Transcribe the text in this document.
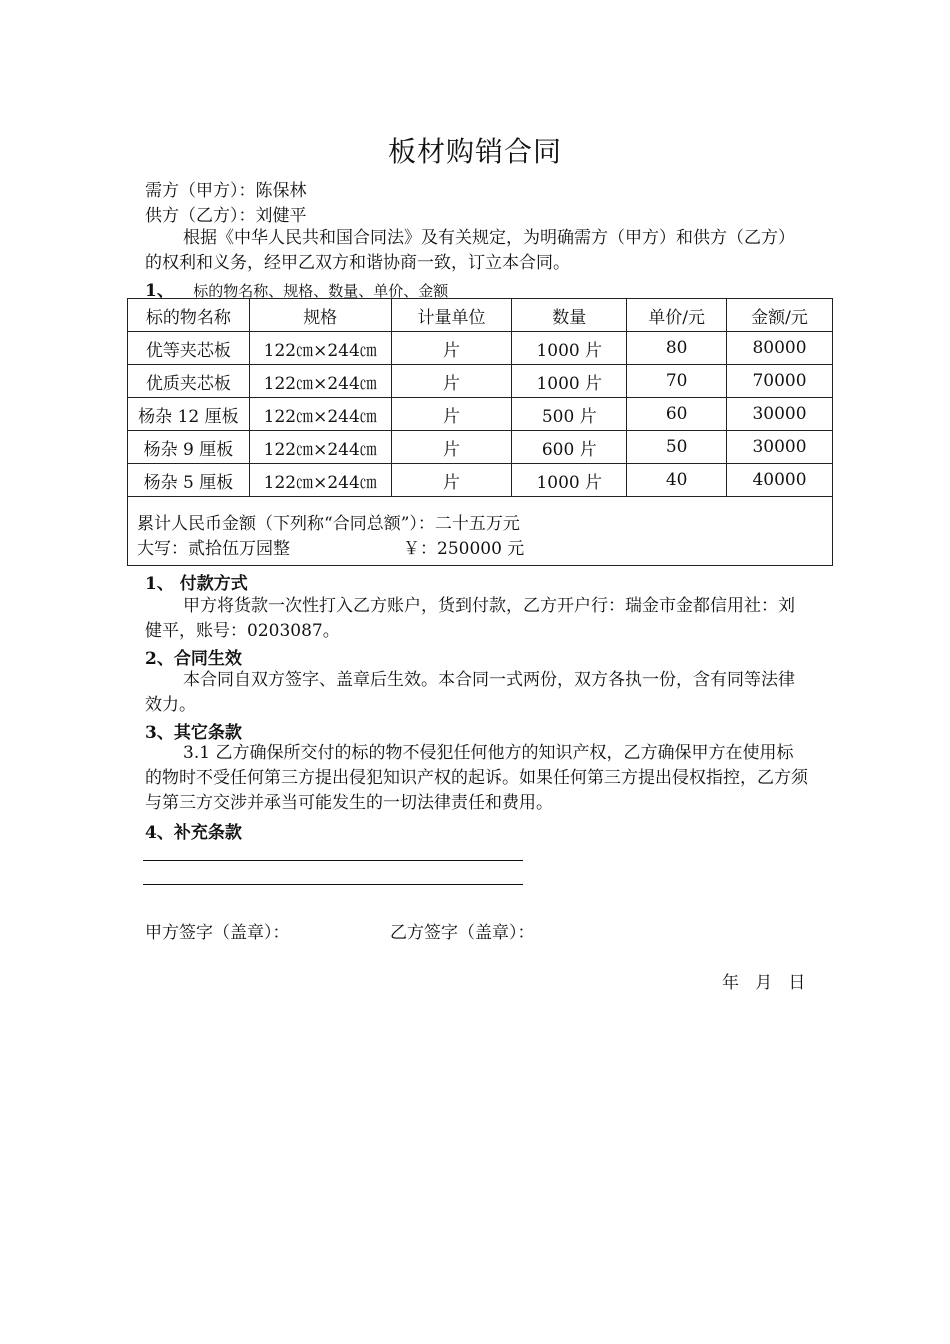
板材购销合同
需方（甲方）：陈保林
供方（乙方）：刘健平
根据《中华人民共和国合同法》及有关规定，为明确需方（甲方）和供方（乙方）的权利和义务，经甲乙双方和谐协商一致，订立本合同。
1、 标的物名称、规格、数量、单价、金额
标的物名称	规格	计量单位	数量	单价/元	金额/元
优等夹芯板	122㎝×244㎝	片	1000 片	80	80000
优质夹芯板	122㎝×244㎝	片	1000 片	70	70000
杨杂 12 厘板	122㎝×244㎝	片	500 片	60	30000
杨杂 9 厘板	122㎝×244㎝	片	600 片	50	30000
杨杂 5 厘板	122㎝×244㎝	片	1000 片	40	40000
累计人民币金额（下列称“合同总额”）：二十五万元
大写：贰拾伍万园整	￥：250000 元
1、 付款方式
甲方将货款一次性打入乙方账户，货到付款，乙方开户行：瑞金市金都信用社：刘健平，账号：0203087。
2、合同生效
本合同自双方签字、盖章后生效。本合同一式两份，双方各执一份，含有同等法律效力。
3、其它条款
3.1 乙方确保所交付的标的物不侵犯任何他方的知识产权，乙方确保甲方在使用标的物时不受任何第三方提出侵犯知识产权的起诉。如果任何第三方提出侵权指控，乙方须与第三方交涉并承当可能发生的一切法律责任和费用。
4、补充条款
甲方签字（盖章）：	乙方签字（盖章）：
年   月   日
